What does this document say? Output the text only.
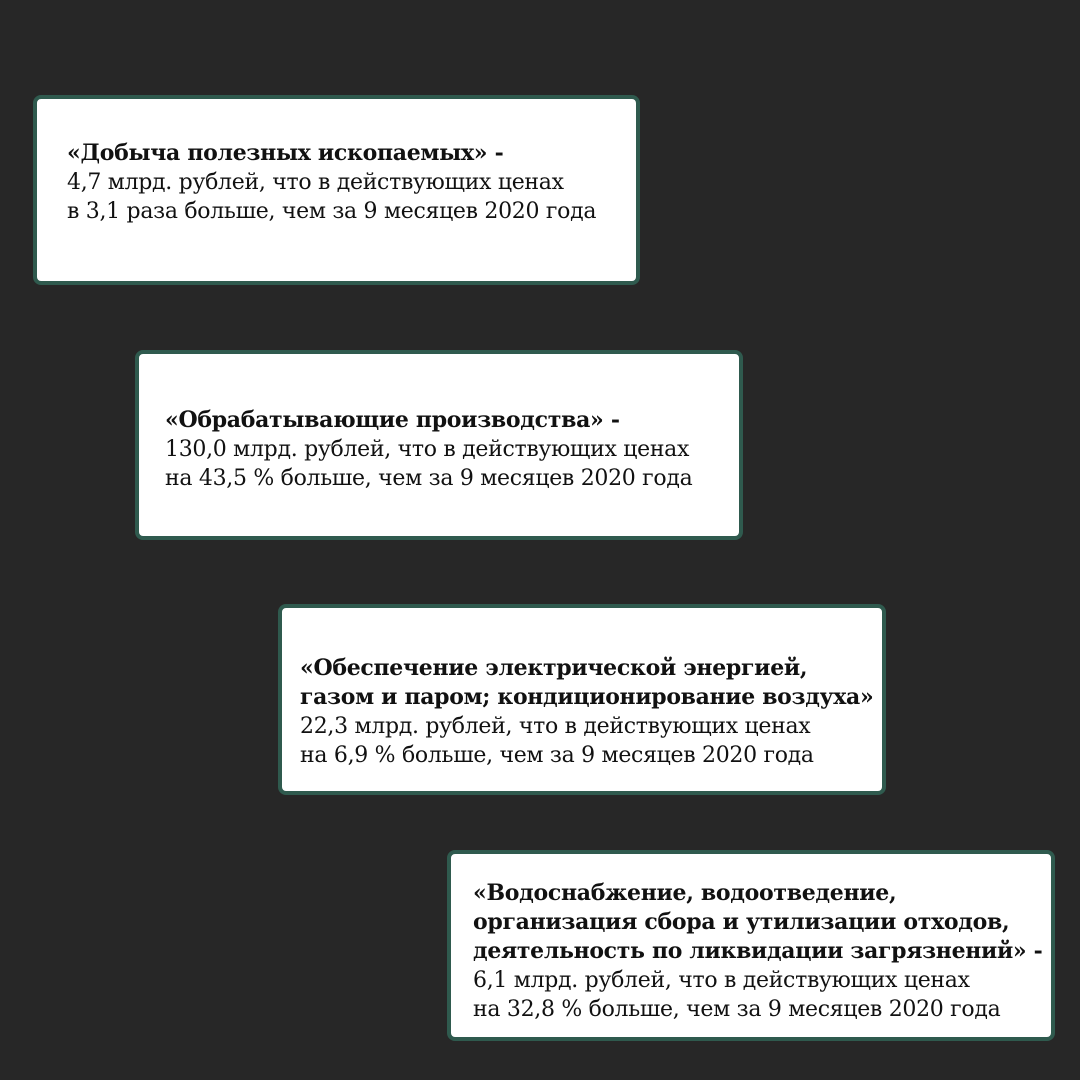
«Добыча полезных ископаемых» -
4,7 млрд. рублей, что в действующих ценах
в 3,1 раза больше, чем за 9 месяцев 2020 года
«Обрабатывающие производства» -
130,0 млрд. рублей, что в действующих ценах
на 43,5 % больше, чем за 9 месяцев 2020 года
«Обеспечение электрической энергией,
газом и паром; кондиционирование воздуха»
22,3 млрд. рублей, что в действующих ценах
на 6,9 % больше, чем за 9 месяцев 2020 года
«Водоснабжение, водоотведение,
организация сбора и утилизации отходов,
деятельность по ликвидации загрязнений» -
6,1 млрд. рублей, что в действующих ценах
на 32,8 % больше, чем за 9 месяцев 2020 года
